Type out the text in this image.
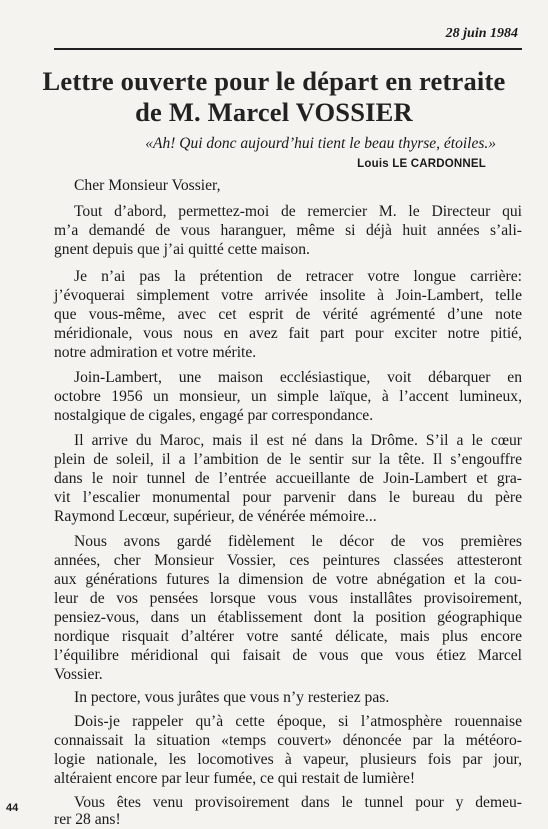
28 juin 1984
Lettre ouverte pour le départ en retraite
de M. Marcel VOSSIER
«Ah! Qui donc aujourd’hui tient le beau thyrse, étoiles.»
Louis LE CARDONNEL
Cher Monsieur Vossier,
Tout d’abord, permettez-moi de remercier M. le Directeur qui
m’a demandé de vous haranguer, même si déjà huit années s’ali-
gnent depuis que j’ai quitté cette maison.
Je n’ai pas la prétention de retracer votre longue carrière:
j’évoquerai simplement votre arrivée insolite à Join-Lambert, telle
que vous-même, avec cet esprit de vérité agrémenté d’une note
méridionale, vous nous en avez fait part pour exciter notre pitié,
notre admiration et votre mérite.
Join-Lambert, une maison ecclésiastique, voit débarquer en
octobre 1956 un monsieur, un simple laïque, à l’accent lumineux,
nostalgique de cigales, engagé par correspondance.
Il arrive du Maroc, mais il est né dans la Drôme. S’il a le cœur
plein de soleil, il a l’ambition de le sentir sur la tête. Il s’engouffre
dans le noir tunnel de l’entrée accueillante de Join-Lambert et gra-
vit l’escalier monumental pour parvenir dans le bureau du père
Raymond Lecœur, supérieur, de vénérée mémoire...
Nous avons gardé fidèlement le décor de vos premières
années, cher Monsieur Vossier, ces peintures classées attesteront
aux générations futures la dimension de votre abnégation et la cou-
leur de vos pensées lorsque vous vous installâtes provisoirement,
pensiez-vous, dans un établissement dont la position géographique
nordique risquait d’altérer votre santé délicate, mais plus encore
l’équilibre méridional qui faisait de vous que vous étiez Marcel
Vossier.
In pectore, vous jurâtes que vous n’y resteriez pas.
Dois-je rappeler qu’à cette époque, si l’atmosphère rouennaise
connaissait la situation «temps couvert» dénoncée par la météoro-
logie nationale, les locomotives à vapeur, plusieurs fois par jour,
altéraient encore par leur fumée, ce qui restait de lumière!
Vous êtes venu provisoirement dans le tunnel pour y demeu-
rer 28 ans!
44
